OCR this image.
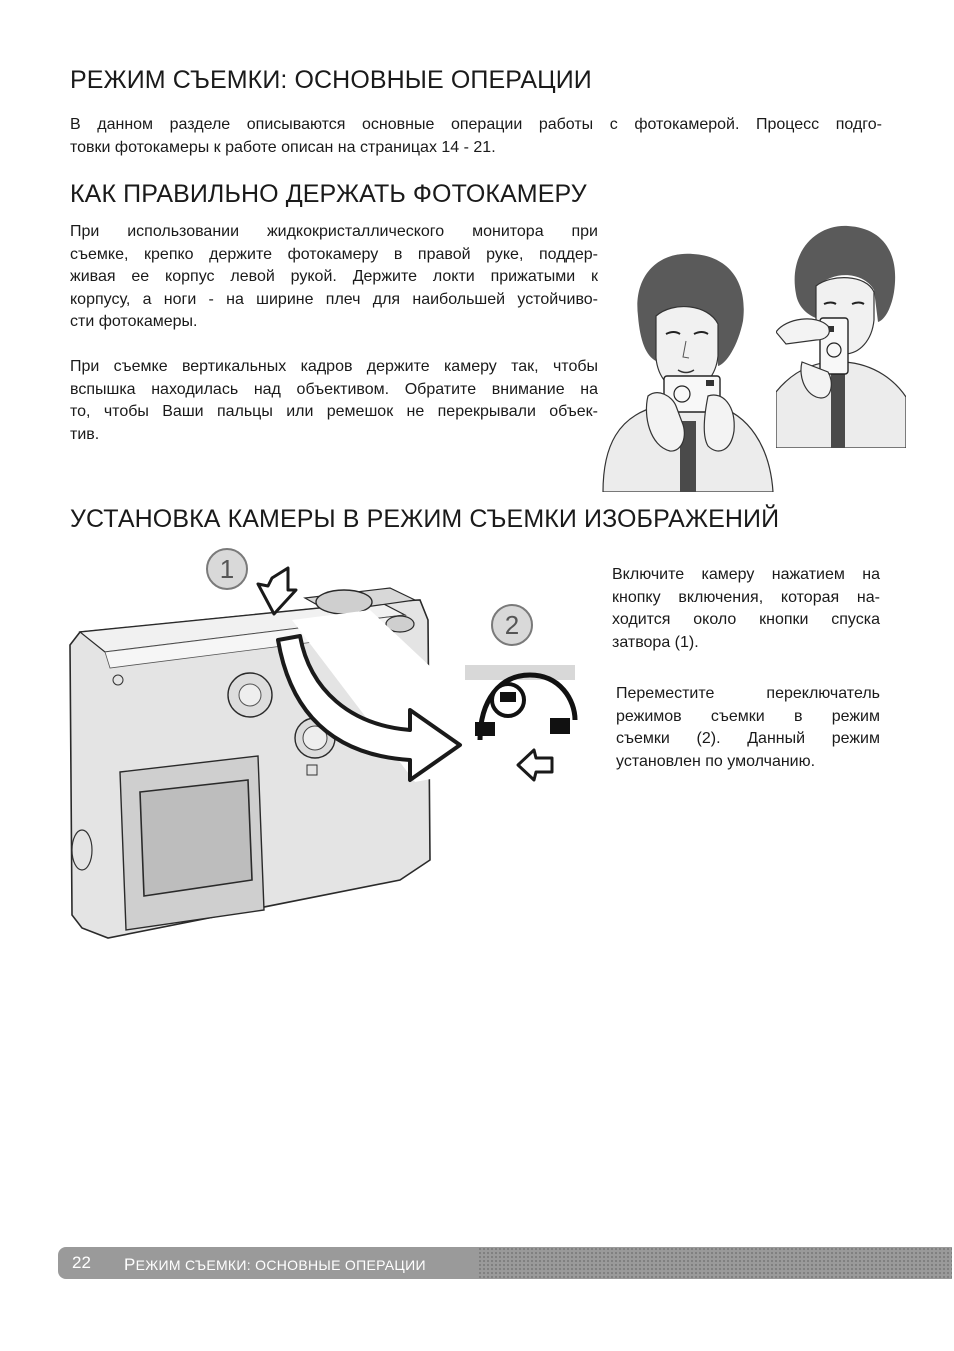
РЕЖИМ СЪЕМКИ: ОСНОВНЫЕ ОПЕРАЦИИ

В данном разделе описываются основные операции работы с фотокамерой. Процесс подго-
товки фотокамеры к работе описан на страницах 14 - 21.

КАК ПРАВИЛЬНО ДЕРЖАТЬ ФОТОКАМЕРУ

При использовании жидкокристаллического монитора при
съемке, крепко держите фотокамеру в правой руке, поддер-
живая ее корпус левой рукой. Держите локти прижатыми к
корпусу, а ноги - на ширине плеч для наибольшей устойчиво-
сти фотокамеры.

При съемке вертикальных кадров держите камеру так, чтобы
вспышка находилась над объективом. Обратите внимание на
то, чтобы Ваши пальцы или ремешок не перекрывали объек-
тив.

УСТАНОВКА КАМЕРЫ В РЕЖИМ СЪЕМКИ ИЗОБРАЖЕНИЙ
1
2

Включите камеру нажатием на
кнопку включения, которая на-
ходится около кнопки спуска
затвора (1).

Переместите переключатель
режимов съемки в режим
съемки (2). Данный режим
установлен по умолчанию.

22 РЕЖИМ СЪЕМКИ: ОСНОВНЫЕ ОПЕРАЦИИ
